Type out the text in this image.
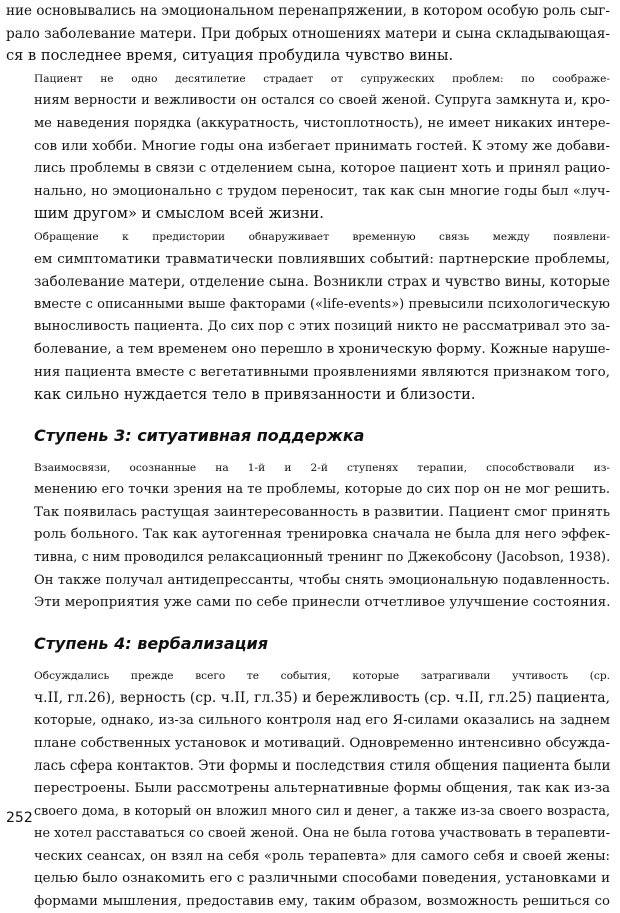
ние основывались на эмоциональном перенапряжении, в котором особую роль сыг-
рало заболевание матери. При добрых отношениях матери и сына складывающая-
ся в последнее время, ситуация пробудила чувство вины.

Пациент не одно десятилетие страдает от супружеских проблем: по соображе-
ниям верности и вежливости он остался со своей женой. Супруга замкнута и, кро-
ме наведения порядка (аккуратность, чистоплотность), не имеет никаких интере-
сов или хобби. Многие годы она избегает принимать гостей. К этому же добави-
лись проблемы в связи с отделением сына, которое пациент хоть и принял рацио-
нально, но эмоционально с трудом переносит, так как сын многие годы был «луч-
шим другом» и смыслом всей жизни.

Обращение к предистории обнаруживает временную связь между появлени-
ем симптоматики травматически повлиявших событий: партнерские проблемы,
заболевание матери, отделение сына. Возникли страх и чувство вины, которые
вместе с описанными выше факторами («life-events») превысили психологическую
выносливость пациента. До сих пор с этих позиций никто не рассматривал это за-
болевание, а тем временем оно перешло в хроническую форму. Кожные наруше-
ния пациента вместе с вегетативными проявлениями являются признаком того,
как сильно нуждается тело в привязанности и близости.

Ступень 3: ситуативная поддержка

Взаимосвязи, осознанные на 1-й и 2-й ступенях терапии, способствовали из-
менению его точки зрения на те проблемы, которые до сих пор он не мог решить.
Так появилась растущая заинтересованность в развитии. Пациент смог принять
роль больного. Так как аутогенная тренировка сначала не была для него эффек-
тивна, с ним проводился релаксационный тренинг по Джекобсону (Jacobson, 1938).
Он также получал антидепрессанты, чтобы снять эмоциональную подавленность.
Эти мероприятия уже сами по себе принесли отчетливое улучшение состояния.

Ступень 4: вербализация

Обсуждались прежде всего те события, которые затрагивали учтивость (ср.
ч.II, гл.26), верность (ср. ч.II, гл.35) и бережливость (ср. ч.II, гл.25) пациента,
которые, однако, из-за сильного контроля над его Я-силами оказались на заднем
плане собственных установок и мотиваций. Одновременно интенсивно обсужда-
лась сфера контактов. Эти формы и последствия стиля общения пациента были
перестроены. Были рассмотрены альтернативные формы общения, так как из-за
своего дома, в который он вложил много сил и денег, а также из-за своего возраста,
не хотел расставаться со своей женой. Она не была готова участвовать в терапевти-
ческих сеансах, он взял на себя «роль терапевта» для самого себя и своей жены:
целью было ознакомить его с различными способами поведения, установками и
формами мышления, предоставив ему, таким образом, возможность решиться со

252
